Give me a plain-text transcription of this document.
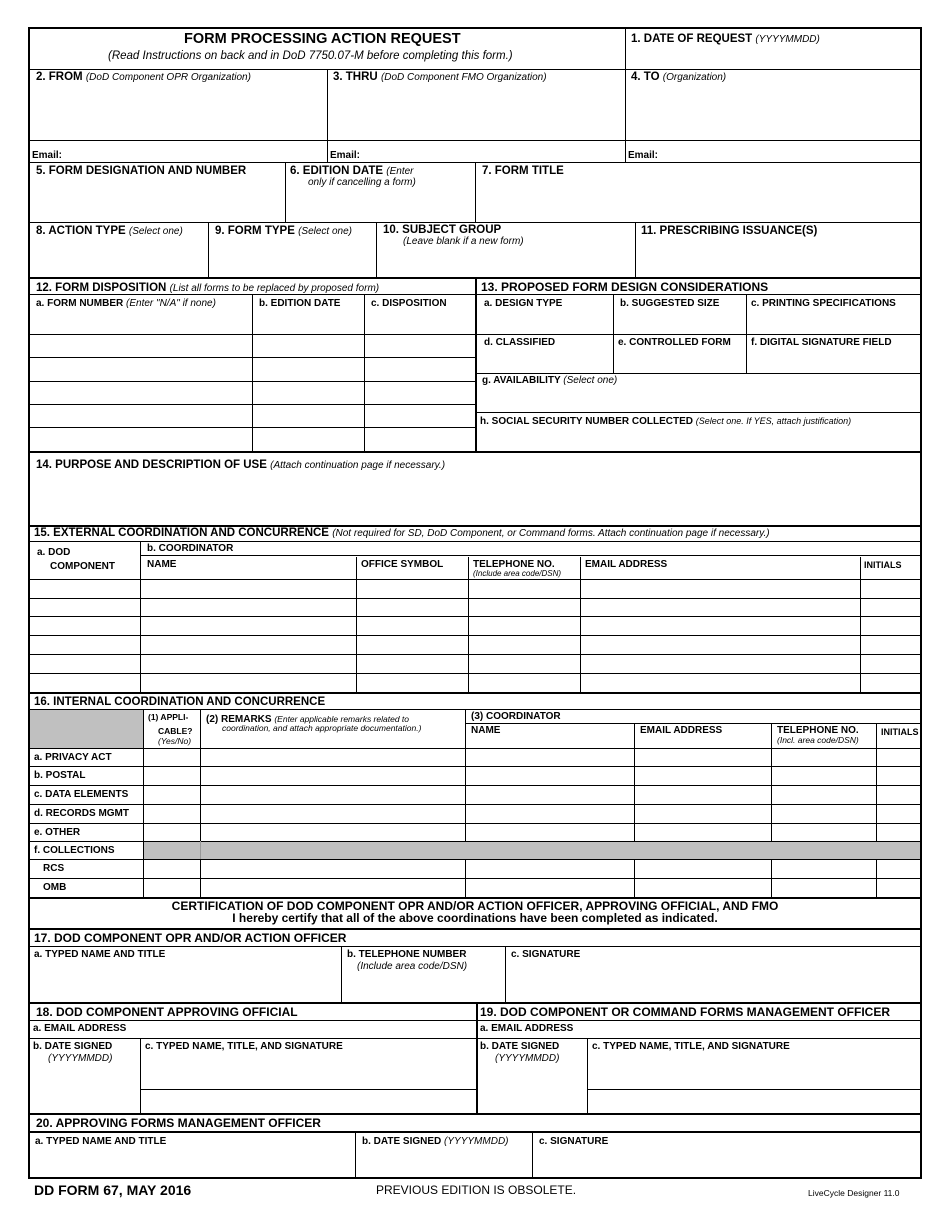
FORM PROCESSING ACTION REQUEST
(Read Instructions on back and in DoD 7750.07-M before completing this form.)
1. DATE OF REQUEST (YYYYMMDD)
2. FROM (DoD Component OPR Organization)	3. THRU (DoD Component FMO Organization)	4. TO (Organization)
Email:	Email:	Email:
5. FORM DESIGNATION AND NUMBER	6. EDITION DATE (Enter
only if cancelling a form)
7. FORM TITLE
8. ACTION TYPE (Select one)	9. FORM TYPE (Select one)	10. SUBJECT GROUP
(Leave blank if a new form)
11. PRESCRIBING ISSUANCE(S)
12. FORM DISPOSITION (List all forms to be replaced by proposed form)	13. PROPOSED FORM DESIGN CONSIDERATIONS
a. FORM NUMBER (Enter "N/A" if none)	b. EDITION DATE	c. DISPOSITION	a. DESIGN TYPE	b. SUGGESTED SIZE	c. PRINTING SPECIFICATIONS
d. CLASSIFIED	e. CONTROLLED FORM f. DIGITAL SIGNATURE FIELD
g. AVAILABILITY (Select one)
h. SOCIAL SECURITY NUMBER COLLECTED (Select one. If YES, attach justification)
14. PURPOSE AND DESCRIPTION OF USE (Attach continuation page if necessary.)
15. EXTERNAL COORDINATION AND CONCURRENCE (Not required for SD, DoD Component, or Command forms. Attach continuation page if necessary.)
a. DOD
COMPONENT
b. COORDINATOR
NAME	OFFICE SYMBOL	TELEPHONE NO.
(Include area code/DSN)
EMAIL ADDRESS	INITIALS
16. INTERNAL COORDINATION AND CONCURRENCE
(1) APPLI-
CABLE?
(Yes/No)
(2) REMARKS (Enter applicable remarks related to
coordination, and attach appropriate documentation.)
(3) COORDINATOR
NAME	EMAIL ADDRESS	TELEPHONE NO.
(Incl. area code/DSN)
INITIALS
a. PRIVACY ACT
b. POSTAL
c. DATA ELEMENTS
d. RECORDS MGMT
e. OTHER
f. COLLECTIONS
RCS
OMB
CERTIFICATION OF DOD COMPONENT OPR AND/OR ACTION OFFICER, APPROVING OFFICIAL, AND FMO
I hereby certify that all of the above coordinations have been completed as indicated.
17. DOD COMPONENT OPR AND/OR ACTION OFFICER
a. TYPED NAME AND TITLE	b. TELEPHONE NUMBER
(Include area code/DSN)
c. SIGNATURE
18. DOD COMPONENT APPROVING OFFICIAL	19. DOD COMPONENT OR COMMAND FORMS MANAGEMENT OFFICER
a. EMAIL ADDRESS	a. EMAIL ADDRESS
b. DATE SIGNED
(YYYYMMDD)
c. TYPED NAME, TITLE, AND SIGNATURE	b. DATE SIGNED
(YYYYMMDD)
c. TYPED NAME, TITLE, AND SIGNATURE
20. APPROVING FORMS MANAGEMENT OFFICER
a. TYPED NAME AND TITLE	b. DATE SIGNED (YYYYMMDD)	c. SIGNATURE
DD FORM 67, MAY 2016	PREVIOUS EDITION IS OBSOLETE.	LiveCycle Designer 11.0
